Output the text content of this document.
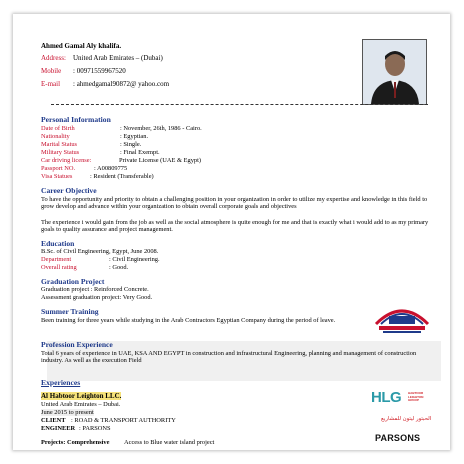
Ahmed Gamal Aly khalifa.
Address: United Arab Emirates – (Dubai)
Mobile : 00971559967520
E-mail : ahmedgamal90872@ yahoo.com
Personal Information
Date of Birth	: November, 26th, 1986 - Cairo.
Nationality	: Egyptian.
Marital Status	: Single.
Military Status	: Final Exempt.
Car driving license:	Private License (UAE & Egypt)
Passport NO.	: A00809775
Visa Statues	: Resident (Transferable)
Career Objective
To have the opportunity and priority to obtain a challenging position in your organization in order to utilize my expertise and knowledge in this field to grow develop and advance within your organization to obtain overall corporate goals and objectives
The experience i would gain from the job as well as the social atmosphere is quite enough for me and that is exactly what i would add to as my primary goals to quality assurance and project management.
Education
B.Sc. of Civil Engineering, Egypt, June 2008.
Department	: Civil Engineering.
Overall rating	: Good.
Graduation Project
Graduation project : Reinforced Concrete.
Assessment graduation project: Very Good.
Summer Training
Been training for three years while studying in the Arab Contractors Egyptian Company during the period of leave.
Profession Experience
Total 6 years of experience in UAE, KSA AND EGYPT in construction and infrastructural Engineering, planning and management of construction industry. As well as the execution Field
Experiences
Al Habtoor Leighton LLC.
United Arab Emirates – Dubai.
June 2015 to present
CLIENT : ROAD & TRANSPORT AUTHORITY
ENGINEER : PARSONS
Projects: Comprehensive Access to Blue water island project
HLG HABTOOR LEIGHTON GROUP
الحبتور ليتون للمشاريع
PARSONS
